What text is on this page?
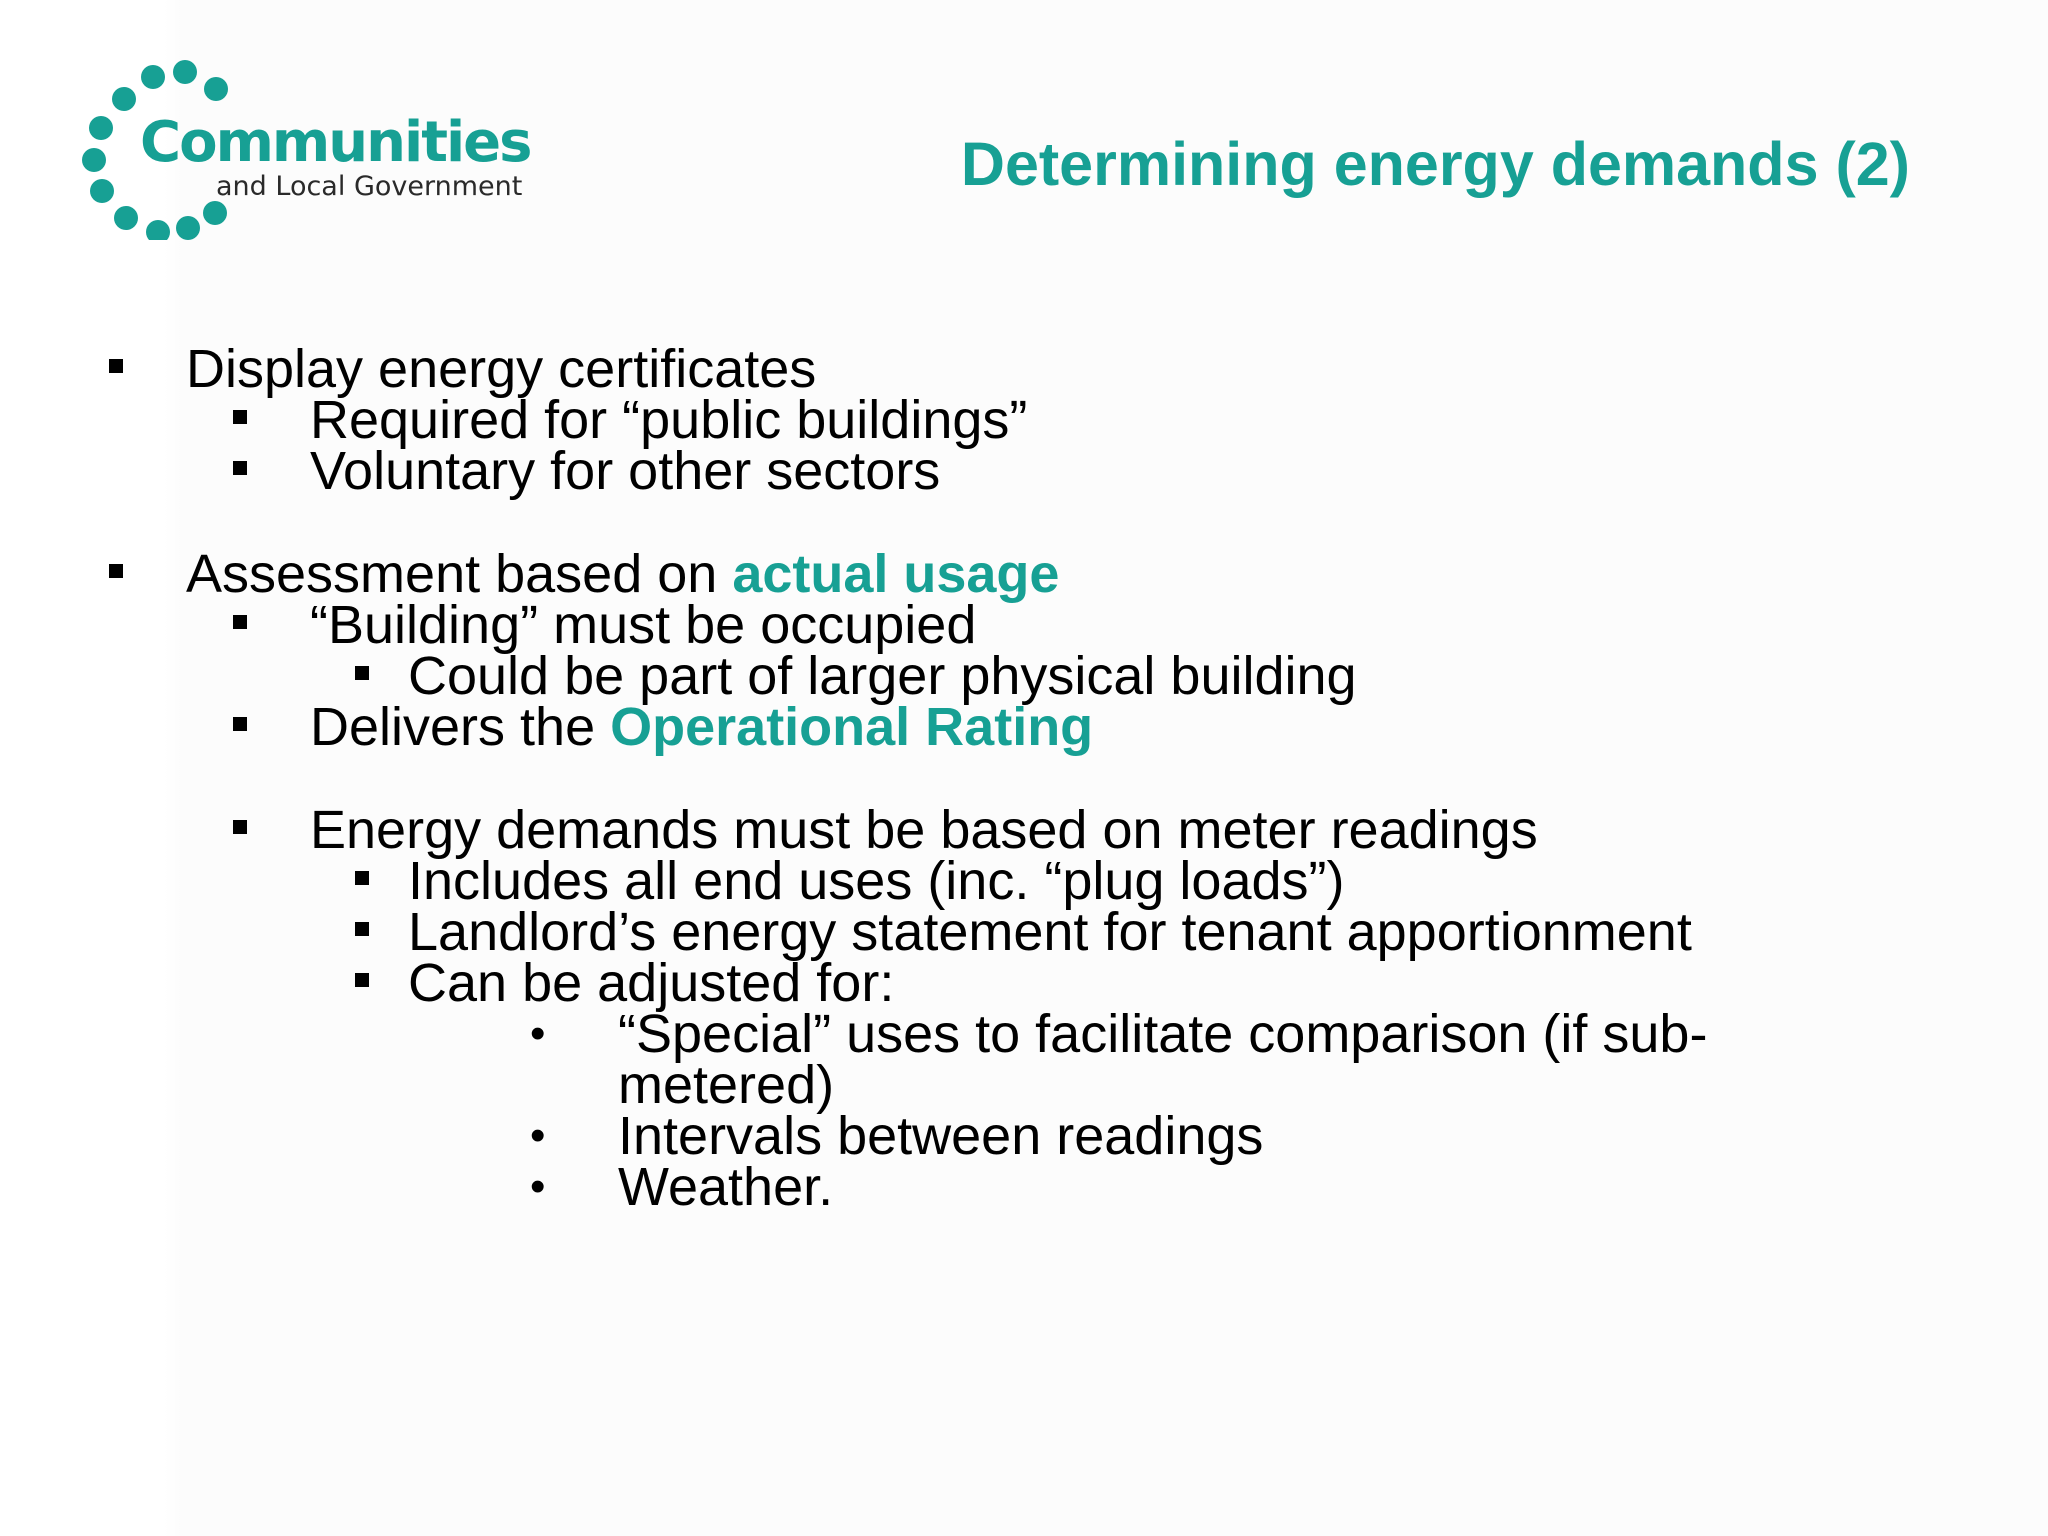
Communities
and Local Government	Determining energy demands (2)
Display energy certificates
Required for “public buildings”
Voluntary for other sectors
Assessment based on actual usage
“Building” must be occupied
Could be part of larger physical building
Delivers the Operational Rating
Energy demands must be based on meter readings
Includes all end uses (inc. “plug loads”)
Landlord’s energy statement for tenant apportionment
Can be adjusted for:
• “Special” uses to facilitate comparison (if sub-
metered)
• Intervals between readings
• Weather.
